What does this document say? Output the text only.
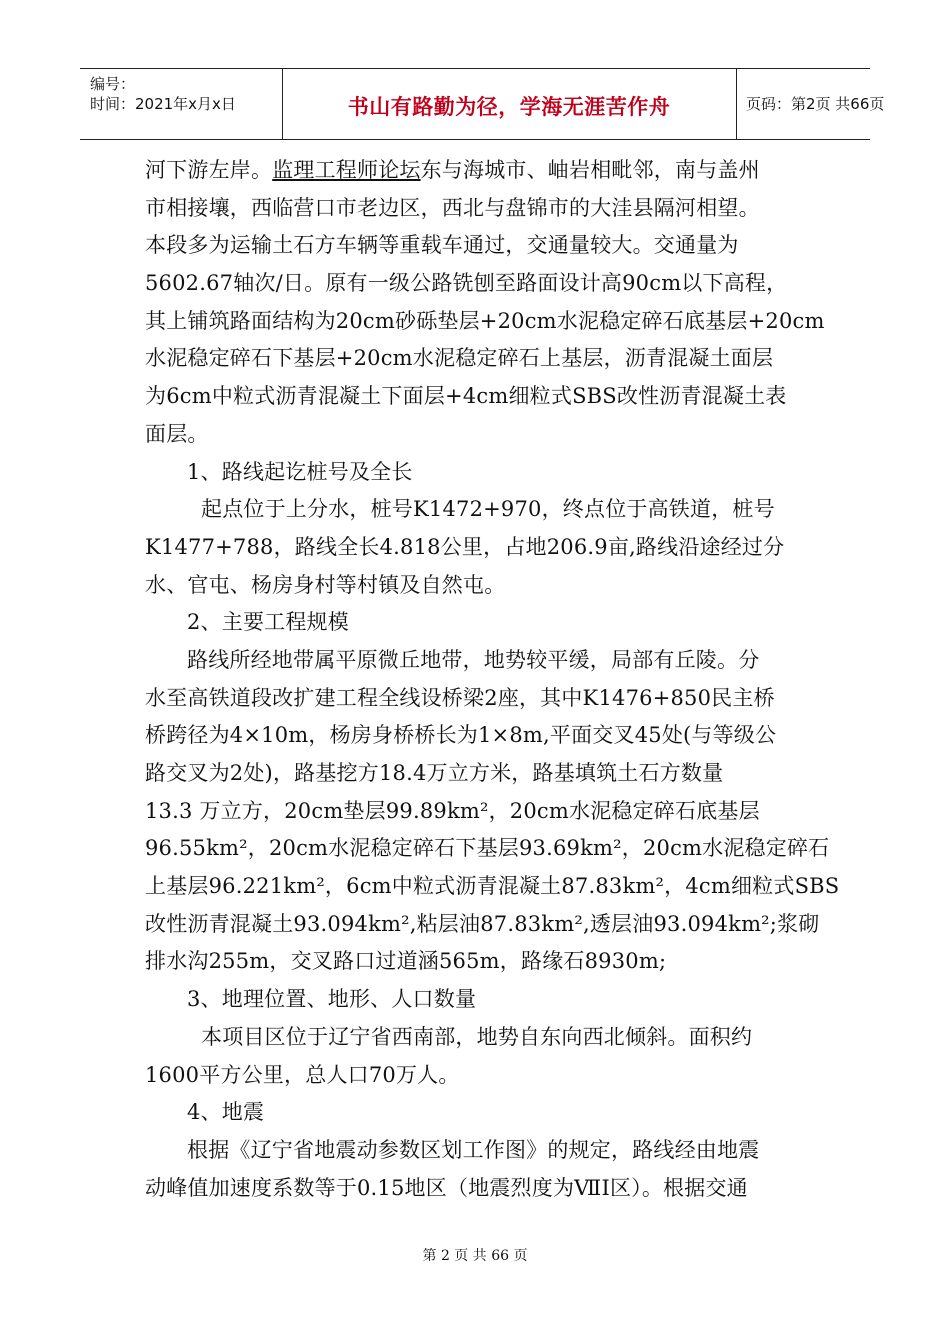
编号：
时间：2021年x月x日	书山有路勤为径，学海无涯苦作舟	页码：第2页 共66页
河下游左岸。监理工程师论坛东与海城市、岫岩相毗邻，南与盖州
市相接壤，西临营口市老边区，西北与盘锦市的大洼县隔河相望。
本段多为运输土石方车辆等重载车通过，交通量较大。交通量为
5602.67轴次/日。原有一级公路铣刨至路面设计高90cm以下高程，
其上铺筑路面结构为20cm砂砾垫层+20cm水泥稳定碎石底基层+20cm
水泥稳定碎石下基层+20cm水泥稳定碎石上基层，沥青混凝土面层
为6cm中粒式沥青混凝土下面层+4cm细粒式SBS改性沥青混凝土表
面层。
1、路线起讫桩号及全长
起点位于上分水，桩号K1472+970，终点位于高铁道，桩号
K1477+788，路线全长4.818公里，占地206.9亩,路线沿途经过分
水、官屯、杨房身村等村镇及自然屯。
2、主要工程规模
路线所经地带属平原微丘地带，地势较平缓，局部有丘陵。分
水至高铁道段改扩建工程全线设桥梁2座，其中K1476+850民主桥
桥跨径为4×10m，杨房身桥桥长为1×8m,平面交叉45处(与等级公
路交叉为2处)，路基挖方18.4万立方米，路基填筑土石方数量
13.3 万立方，20cm垫层99.89km²，20cm水泥稳定碎石底基层
96.55km²，20cm水泥稳定碎石下基层93.69km²，20cm水泥稳定碎石
上基层96.221km²，6cm中粒式沥青混凝土87.83km²，4cm细粒式SBS
改性沥青混凝土93.094km²,粘层油87.83km²,透层油93.094km²;浆砌
排水沟255m，交叉路口过道涵565m，路缘石8930m;
3、地理位置、地形、人口数量
本项目区位于辽宁省西南部，地势自东向西北倾斜。面积约
1600平方公里，总人口70万人。
4、地震
根据《辽宁省地震动参数区划工作图》的规定，路线经由地震
动峰值加速度系数等于0.15地区（地震烈度为ⅦⅠ区）。根据交通
第 2 页 共 66 页
